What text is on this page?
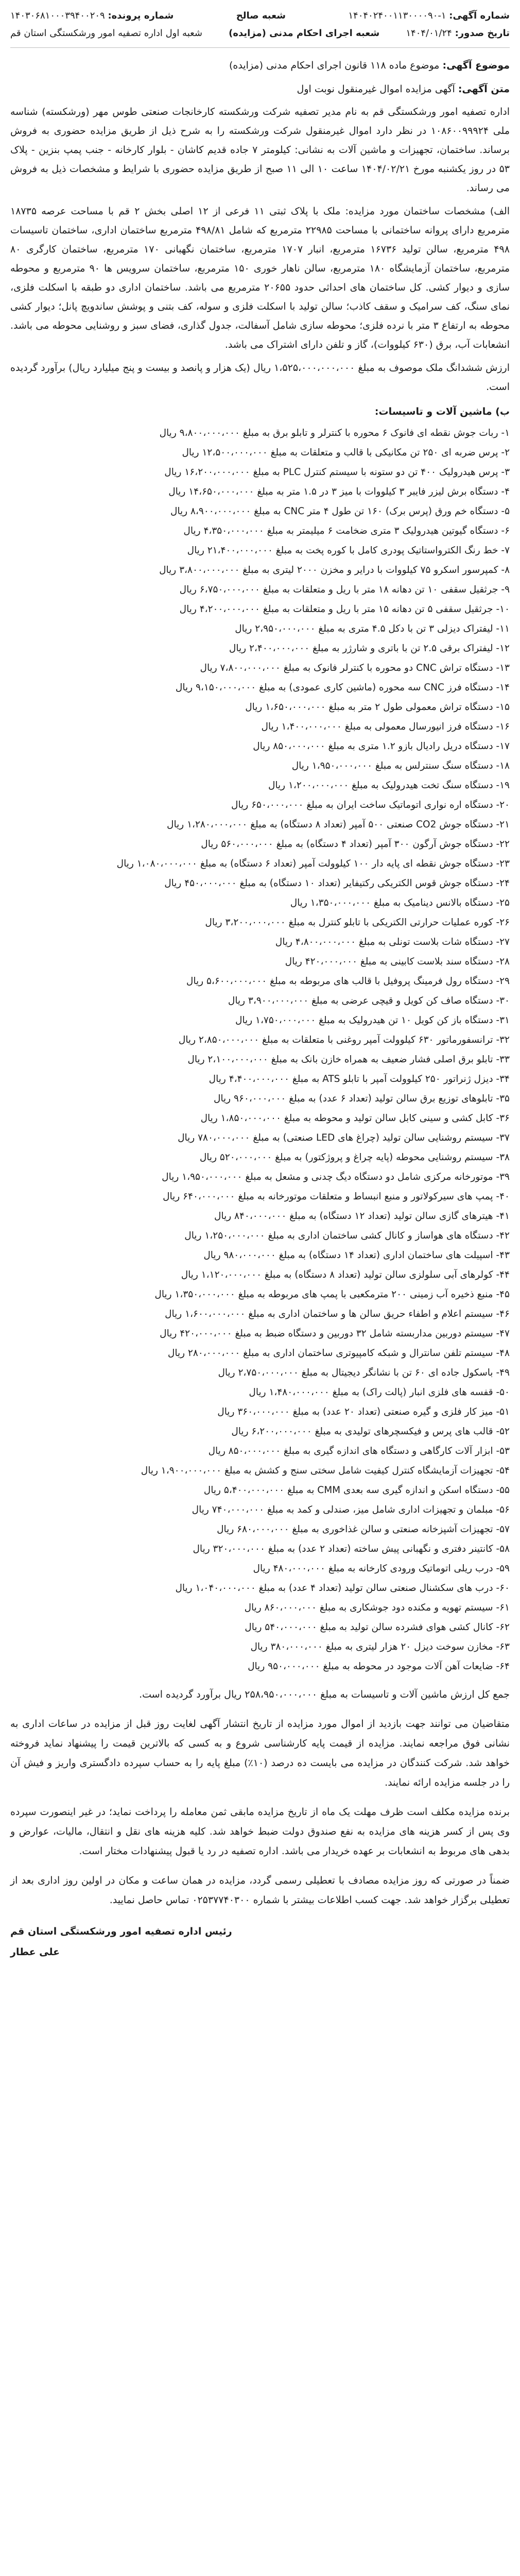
شماره آگهی: ۱۴۰۴۰۲۴۰۰۱۱۳۰۰۰۰۹۰-۱
شعبه صالح
شماره پرونده: ۱۴۰۳۰۶۸۱۰۰۰۳۹۴۰۰۲۰۹
تاریخ صدور: ۱۴۰۴/۰۱/۲۴
شعبه اجرای احکام مدنی (مزایده)
شعبه اول اداره تصفیه امور ورشکستگی استان قم
موضوع آگهی: موضوع ماده ۱۱۸ قانون اجرای احکام مدنی (مزایده)
متن آگهی: آگهی مزایده اموال غیرمنقول نوبت اول

اداره تصفیه امور ورشکستگی قم به نام مدیر تصفیه شرکت ورشکسته کارخانجات صنعتی طوس مهر (ورشکسته) شناسه ملی ۱۰۸۶۰۰۹۹۹۲۴ در نظر دارد اموال غیرمنقول شرکت ورشکسته را به شرح ذیل از طریق مزایده حضوری به فروش برساند. ساختمان، تجهیزات و ماشین آلات به نشانی: کیلومتر ۷ جاده قدیم کاشان - بلوار کارخانه - جنب پمپ بنزین - پلاک ۵۳ در روز یکشنبه مورخ ۱۴۰۴/۰۲/۲۱ ساعت ۱۰ الی ۱۱ صبح از طریق مزایده حضوری با شرایط و مشخصات ذیل به فروش می رساند.

الف) مشخصات ساختمان مورد مزایده: ملک با پلاک ثبتی ۱۱ فرعی از ۱۲ اصلی بخش ۲ قم با مساحت عرصه ۱۸۷۳۵ مترمربع دارای پروانه ساختمانی با مساحت ۲۲۹۸۵ مترمربع که شامل ۴۹۸/۸۱ مترمربع ساختمان اداری، ساختمان تاسیسات ۴۹۸ مترمربع، سالن تولید ۱۶۷۳۶ مترمربع، انبار ۱۷۰۷ مترمربع، ساختمان نگهبانی ۱۷۰ مترمربع، ساختمان کارگری ۸۰ مترمربع، ساختمان آزمایشگاه ۱۸۰ مترمربع، سالن ناهار خوری ۱۵۰ مترمربع، ساختمان سرویس ها ۹۰ مترمربع و محوطه سازی و دیوار کشی. کل ساختمان های احداثی حدود ۲۰۶۵۵ مترمربع می باشد. ساختمان اداری دو طبقه با اسکلت فلزی، نمای سنگ، کف سرامیک و سقف کاذب؛ سالن تولید با اسکلت فلزی و سوله، کف بتنی و پوشش ساندویچ پانل؛ دیوار کشی محوطه به ارتفاع ۳ متر با نرده فلزی؛ محوطه سازی شامل آسفالت، جدول گذاری، فضای سبز و روشنایی محوطه می باشد. انشعابات آب، برق (۶۳۰ کیلووات)، گاز و تلفن دارای اشتراک می باشد.

ارزش ششدانگ ملک موصوف به مبلغ ۱،۵۲۵،۰۰۰،۰۰۰،۰۰۰ ریال (یک هزار و پانصد و بیست و پنج میلیارد ریال) برآورد گردیده است.

ب) ماشین آلات و تاسیسات:
۱- ربات جوش نقطه ای فانوک ۶ محوره با کنترلر و تابلو برق به مبلغ ۹،۸۰۰،۰۰۰،۰۰۰ ریال
۲- پرس ضربه ای ۲۵۰ تن مکانیکی با قالب و متعلقات به مبلغ ۱۲،۵۰۰،۰۰۰،۰۰۰ ریال
۳- پرس هیدرولیک ۴۰۰ تن دو ستونه با سیستم کنترل PLC به مبلغ ۱۶،۲۰۰،۰۰۰،۰۰۰ ریال
۴- دستگاه برش لیزر فایبر ۳ کیلووات با میز ۳ در ۱.۵ متر به مبلغ ۱۴،۶۵۰،۰۰۰،۰۰۰ ریال
۵- دستگاه خم ورق (پرس برک) ۱۶۰ تن طول ۴ متر CNC به مبلغ ۸،۹۰۰،۰۰۰،۰۰۰ ریال
۶- دستگاه گیوتین هیدرولیک ۳ متری ضخامت ۶ میلیمتر به مبلغ ۴،۳۵۰،۰۰۰،۰۰۰ ریال
۷- خط رنگ الکترواستاتیک پودری کامل با کوره پخت به مبلغ ۲۱،۴۰۰،۰۰۰،۰۰۰ ریال
۸- کمپرسور اسکرو ۷۵ کیلووات با درایر و مخزن ۲۰۰۰ لیتری به مبلغ ۳،۸۰۰،۰۰۰،۰۰۰ ریال
۹- جرثقیل سقفی ۱۰ تن دهانه ۱۸ متر با ریل و متعلقات به مبلغ ۶،۷۵۰،۰۰۰،۰۰۰ ریال
۱۰- جرثقیل سقفی ۵ تن دهانه ۱۵ متر با ریل و متعلقات به مبلغ ۴،۲۰۰،۰۰۰،۰۰۰ ریال
۱۱- لیفتراک دیزلی ۳ تن با دکل ۴.۵ متری به مبلغ ۲،۹۵۰،۰۰۰،۰۰۰ ریال
۱۲- لیفتراک برقی ۲.۵ تن با باتری و شارژر به مبلغ ۲،۴۰۰،۰۰۰،۰۰۰ ریال
۱۳- دستگاه تراش CNC دو محوره با کنترلر فانوک به مبلغ ۷،۸۰۰،۰۰۰،۰۰۰ ریال
۱۴- دستگاه فرز CNC سه محوره (ماشین کاری عمودی) به مبلغ ۹،۱۵۰،۰۰۰،۰۰۰ ریال
۱۵- دستگاه تراش معمولی طول ۲ متر به مبلغ ۱،۶۵۰،۰۰۰،۰۰۰ ریال
۱۶- دستگاه فرز انیورسال معمولی به مبلغ ۱،۴۰۰،۰۰۰،۰۰۰ ریال
۱۷- دستگاه دریل رادیال بازو ۱.۲ متری به مبلغ ۸۵۰،۰۰۰،۰۰۰ ریال
۱۸- دستگاه سنگ سنترلس به مبلغ ۱،۹۵۰،۰۰۰،۰۰۰ ریال
۱۹- دستگاه سنگ تخت هیدرولیک به مبلغ ۱،۲۰۰،۰۰۰،۰۰۰ ریال
۲۰- دستگاه اره نواری اتوماتیک ساخت ایران به مبلغ ۶۵۰،۰۰۰،۰۰۰ ریال
۲۱- دستگاه جوش CO2 صنعتی ۵۰۰ آمپر (تعداد ۸ دستگاه) به مبلغ ۱،۲۸۰،۰۰۰،۰۰۰ ریال
۲۲- دستگاه جوش آرگون ۳۰۰ آمپر (تعداد ۴ دستگاه) به مبلغ ۵۶۰،۰۰۰،۰۰۰ ریال
۲۳- دستگاه جوش نقطه ای پایه دار ۱۰۰ کیلوولت آمپر (تعداد ۶ دستگاه) به مبلغ ۱،۰۸۰،۰۰۰،۰۰۰ ریال
۲۴- دستگاه جوش قوس الکتریکی رکتیفایر (تعداد ۱۰ دستگاه) به مبلغ ۴۵۰،۰۰۰،۰۰۰ ریال
۲۵- دستگاه بالانس دینامیک به مبلغ ۱،۳۵۰،۰۰۰،۰۰۰ ریال
۲۶- کوره عملیات حرارتی الکتریکی با تابلو کنترل به مبلغ ۳،۲۰۰،۰۰۰،۰۰۰ ریال
۲۷- دستگاه شات بلاست تونلی به مبلغ ۴،۸۰۰،۰۰۰،۰۰۰ ریال
۲۸- دستگاه سند بلاست کابینی به مبلغ ۴۲۰،۰۰۰،۰۰۰ ریال
۲۹- دستگاه رول فرمینگ پروفیل با قالب های مربوطه به مبلغ ۵،۶۰۰،۰۰۰،۰۰۰ ریال
۳۰- دستگاه صاف کن کویل و قیچی عرضی به مبلغ ۳،۹۰۰،۰۰۰،۰۰۰ ریال
۳۱- دستگاه باز کن کویل ۱۰ تن هیدرولیک به مبلغ ۱،۷۵۰،۰۰۰،۰۰۰ ریال
۳۲- ترانسفورماتور ۶۳۰ کیلوولت آمپر روغنی با متعلقات به مبلغ ۲،۸۵۰،۰۰۰،۰۰۰ ریال
۳۳- تابلو برق اصلی فشار ضعیف به همراه خازن بانک به مبلغ ۲،۱۰۰،۰۰۰،۰۰۰ ریال
۳۴- دیزل ژنراتور ۲۵۰ کیلوولت آمپر با تابلو ATS به مبلغ ۴،۴۰۰،۰۰۰،۰۰۰ ریال
۳۵- تابلوهای توزیع برق سالن تولید (تعداد ۶ عدد) به مبلغ ۹۶۰،۰۰۰،۰۰۰ ریال
۳۶- کابل کشی و سینی کابل سالن تولید و محوطه به مبلغ ۱،۸۵۰،۰۰۰،۰۰۰ ریال
۳۷- سیستم روشنایی سالن تولید (چراغ های LED صنعتی) به مبلغ ۷۸۰،۰۰۰،۰۰۰ ریال
۳۸- سیستم روشنایی محوطه (پایه چراغ و پروژکتور) به مبلغ ۵۲۰،۰۰۰،۰۰۰ ریال
۳۹- موتورخانه مرکزی شامل دو دستگاه دیگ چدنی و مشعل به مبلغ ۱،۹۵۰،۰۰۰،۰۰۰ ریال
۴۰- پمپ های سیرکولاتور و منبع انبساط و متعلقات موتورخانه به مبلغ ۶۴۰،۰۰۰،۰۰۰ ریال
۴۱- هیترهای گازی سالن تولید (تعداد ۱۲ دستگاه) به مبلغ ۸۴۰،۰۰۰،۰۰۰ ریال
۴۲- دستگاه های هواساز و کانال کشی ساختمان اداری به مبلغ ۱،۲۵۰،۰۰۰،۰۰۰ ریال
۴۳- اسپیلت های ساختمان اداری (تعداد ۱۴ دستگاه) به مبلغ ۹۸۰،۰۰۰،۰۰۰ ریال
۴۴- کولرهای آبی سلولزی سالن تولید (تعداد ۸ دستگاه) به مبلغ ۱،۱۲۰،۰۰۰،۰۰۰ ریال
۴۵- منبع ذخیره آب زمینی ۲۰۰ مترمکعبی با پمپ های مربوطه به مبلغ ۱،۳۵۰،۰۰۰،۰۰۰ ریال
۴۶- سیستم اعلام و اطفاء حریق سالن ها و ساختمان اداری به مبلغ ۱،۶۰۰،۰۰۰،۰۰۰ ریال
۴۷- سیستم دوربین مداربسته شامل ۳۲ دوربین و دستگاه ضبط به مبلغ ۴۲۰،۰۰۰،۰۰۰ ریال
۴۸- سیستم تلفن سانترال و شبکه کامپیوتری ساختمان اداری به مبلغ ۲۸۰،۰۰۰،۰۰۰ ریال
۴۹- باسکول جاده ای ۶۰ تن با نشانگر دیجیتال به مبلغ ۲،۷۵۰،۰۰۰،۰۰۰ ریال
۵۰- قفسه های فلزی انبار (پالت راک) به مبلغ ۱،۴۸۰،۰۰۰،۰۰۰ ریال
۵۱- میز کار فلزی و گیره صنعتی (تعداد ۲۰ عدد) به مبلغ ۳۶۰،۰۰۰،۰۰۰ ریال
۵۲- قالب های پرس و فیکسچرهای تولیدی به مبلغ ۶،۲۰۰،۰۰۰،۰۰۰ ریال
۵۳- ابزار آلات کارگاهی و دستگاه های اندازه گیری به مبلغ ۸۵۰،۰۰۰،۰۰۰ ریال
۵۴- تجهیزات آزمایشگاه کنترل کیفیت شامل سختی سنج و کشش به مبلغ ۱،۹۰۰،۰۰۰،۰۰۰ ریال
۵۵- دستگاه اسکن و اندازه گیری سه بعدی CMM به مبلغ ۵،۴۰۰،۰۰۰،۰۰۰ ریال
۵۶- مبلمان و تجهیزات اداری شامل میز، صندلی و کمد به مبلغ ۷۴۰،۰۰۰،۰۰۰ ریال
۵۷- تجهیزات آشپزخانه صنعتی و سالن غذاخوری به مبلغ ۶۸۰،۰۰۰،۰۰۰ ریال
۵۸- کانتینر دفتری و نگهبانی پیش ساخته (تعداد ۲ عدد) به مبلغ ۳۲۰،۰۰۰،۰۰۰ ریال
۵۹- درب ریلی اتوماتیک ورودی کارخانه به مبلغ ۴۸۰،۰۰۰،۰۰۰ ریال
۶۰- درب های سکشنال صنعتی سالن تولید (تعداد ۴ عدد) به مبلغ ۱،۰۴۰،۰۰۰،۰۰۰ ریال
۶۱- سیستم تهویه و مکنده دود جوشکاری به مبلغ ۸۶۰،۰۰۰،۰۰۰ ریال
۶۲- کانال کشی هوای فشرده سالن تولید به مبلغ ۵۴۰،۰۰۰،۰۰۰ ریال
۶۳- مخازن سوخت دیزل ۲۰ هزار لیتری به مبلغ ۳۸۰،۰۰۰،۰۰۰ ریال
۶۴- ضایعات آهن آلات موجود در محوطه به مبلغ ۹۵۰،۰۰۰،۰۰۰ ریال

جمع کل ارزش ماشین آلات و تاسیسات به مبلغ ۲۵۸،۹۵۰،۰۰۰،۰۰۰ ریال برآورد گردیده است.

متقاضیان می توانند جهت بازدید از اموال مورد مزایده از تاریخ انتشار آگهی لغایت روز قبل از مزایده در ساعات اداری به نشانی فوق مراجعه نمایند. مزایده از قیمت پایه کارشناسی شروع و به کسی که بالاترین قیمت را پیشنهاد نماید فروخته خواهد شد. شرکت کنندگان در مزایده می بایست ده درصد (۱۰٪) مبلغ پایه را به حساب سپرده دادگستری واریز و فیش آن را در جلسه مزایده ارائه نمایند.

برنده مزایده مکلف است ظرف مهلت یک ماه از تاریخ مزایده مابقی ثمن معامله را پرداخت نماید؛ در غیر اینصورت سپرده وی پس از کسر هزینه های مزایده به نفع صندوق دولت ضبط خواهد شد. کلیه هزینه های نقل و انتقال، مالیات، عوارض و بدهی های مربوط به انشعابات بر عهده خریدار می باشد. اداره تصفیه در رد یا قبول پیشنهادات مختار است.

ضمناً در صورتی که روز مزایده مصادف با تعطیلی رسمی گردد، مزایده در همان ساعت و مکان در اولین روز اداری بعد از تعطیلی برگزار خواهد شد. جهت کسب اطلاعات بیشتر با شماره ۰۲۵۳۷۷۴۰۳۰۰ تماس حاصل نمایید.

رئیس اداره تصفیه امور ورشکستگی استان قم
علی عطار
